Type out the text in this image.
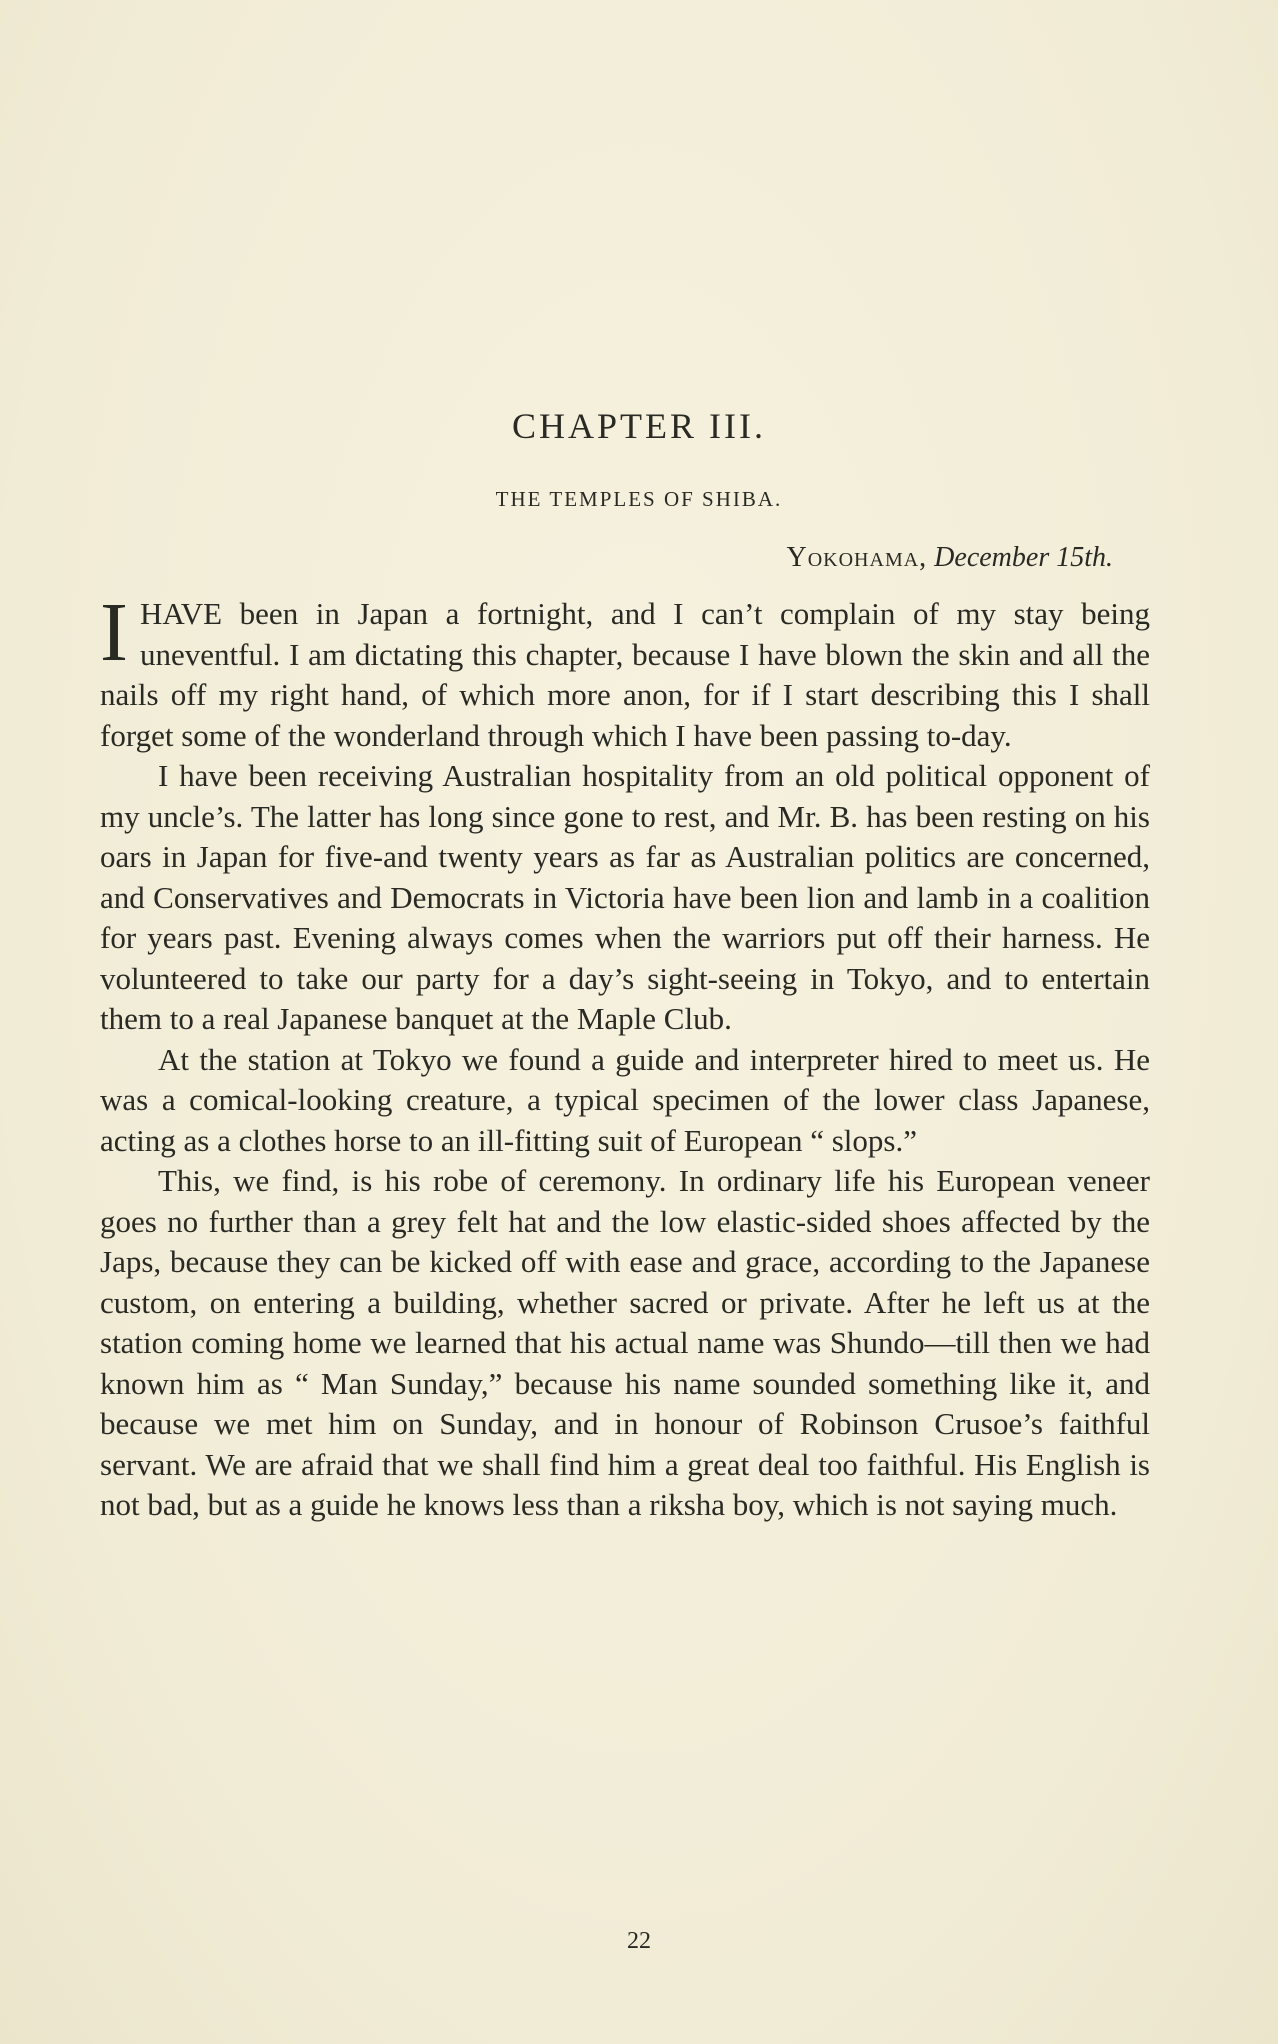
CHAPTER III.
THE TEMPLES OF SHIBA.
Yokohama, December 15th.

IHAVE been in Japan a fortnight, and I can’t complain of my stay being uneventful. I am dictating this chapter, because I have blown the skin and all the nails off my right hand, of which more anon, for if I start describing this I shall forget some of the wonderland through which I have been passing to-day.

I have been receiving Australian hospitality from an old political opponent of my uncle’s. The latter has long since gone to rest, and Mr. B. has been resting on his oars in Japan for five-and twenty years as far as Australian politics are concerned, and Conservatives and Democrats in Victoria have been lion and lamb in a coalition for years past. Evening always comes when the warriors put off their harness. He volunteered to take our party for a day’s sight-seeing in Tokyo, and to entertain them to a real Japanese banquet at the Maple Club.

At the station at Tokyo we found a guide and interpreter hired to meet us. He was a comical-looking creature, a typical specimen of the lower class Japanese, acting as a clothes horse to an ill-fitting suit of European “ slops.”

This, we find, is his robe of ceremony. In ordinary life his European veneer goes no further than a grey felt hat and the low elastic-sided shoes affected by the Japs, because they can be kicked off with ease and grace, according to the Japanese custom, on entering a building, whether sacred or private. After he left us at the station coming home we learned that his actual name was Shundo—till then we had known him as “ Man Sunday,” because his name sounded something like it, and because we met him on Sunday, and in honour of Robinson Crusoe’s faithful servant. We are afraid that we shall find him a great deal too faithful. His English is not bad, but as a guide he knows less than a riksha boy, which is not saying much.

22
